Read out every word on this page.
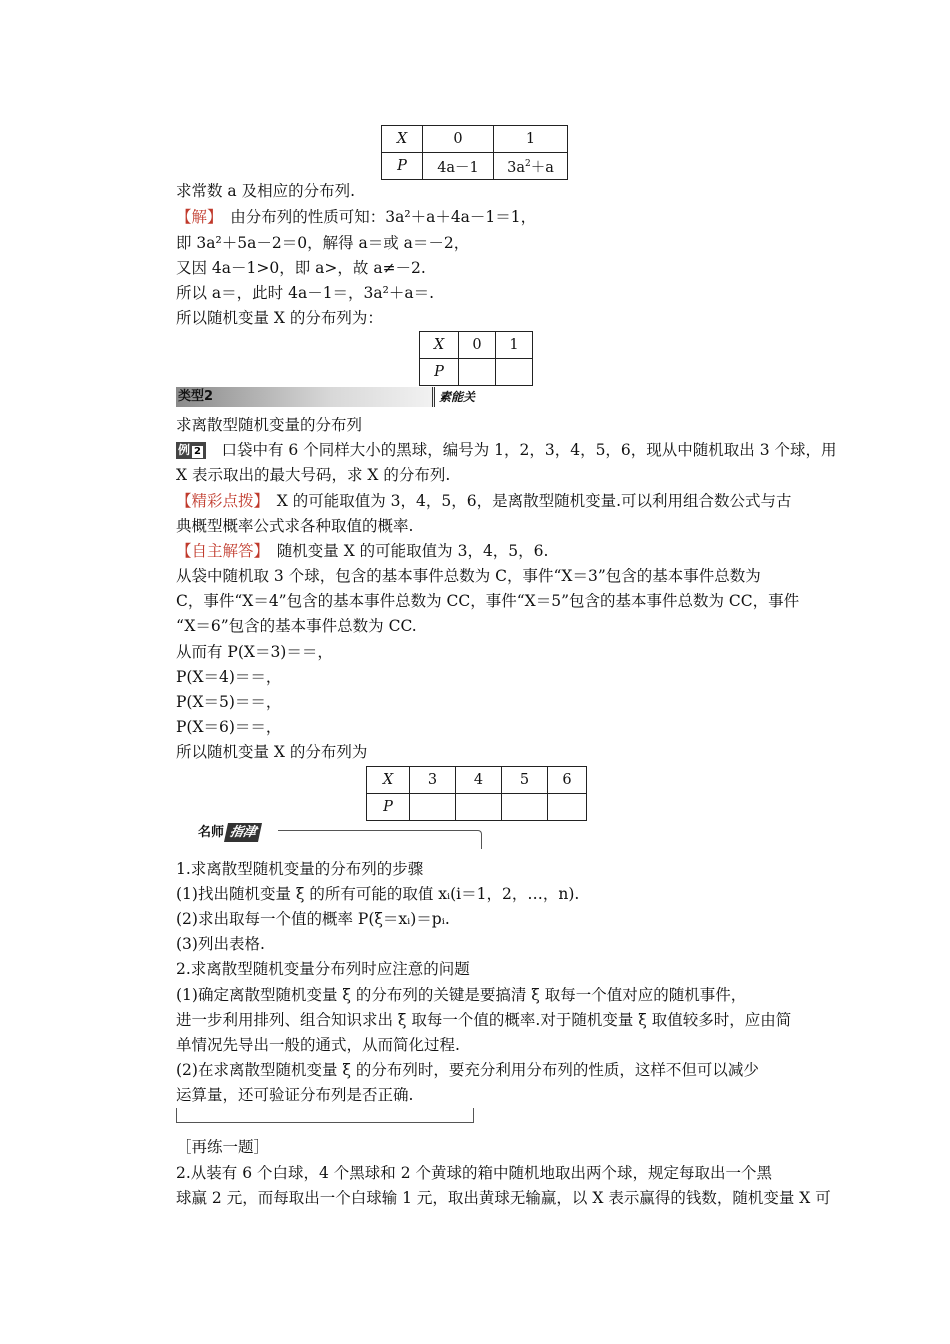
X	0	1
P	4a－1	$3a^2+a$
求常数 a 及相应的分布列.
【解】　由分布列的性质可知：3a²＋a＋4a－1＝1，
即 3a²＋5a－2＝0，解得 a＝或 a＝－2，
又因 4a－1>0，即 a>，故 a≠－2.
所以 a＝，此时 4a－1＝，3a²＋a＝.
所以随机变量 X 的分布列为：
X	0	1
P		
类型2	素能关
求离散型随机变量的分布列
例 2　口袋中有 6 个同样大小的黑球，编号为 1，2，3，4，5，6，现从中随机取出 3 个球，用
X 表示取出的最大号码，求 X 的分布列.
【精彩点拨】　X 的可能取值为 3，4，5，6，是离散型随机变量.可以利用组合数公式与古
典概型概率公式求各种取值的概率.
【自主解答】　随机变量 X 的可能取值为 3，4，5，6.
从袋中随机取 3 个球，包含的基本事件总数为 C，事件“X＝3”包含的基本事件总数为
C，事件“X＝4”包含的基本事件总数为 CC，事件“X＝5”包含的基本事件总数为 CC，事件
“X＝6”包含的基本事件总数为 CC.
从而有 P(X＝3)＝＝，
P(X＝4)＝＝，
P(X＝5)＝＝，
P(X＝6)＝＝，
所以随机变量 X 的分布列为
X	3	4	5	6
P				
名师 指津
1.求离散型随机变量的分布列的步骤
(1)找出随机变量 ξ 的所有可能的取值 xᵢ(i＝1，2，…，n).
(2)求出取每一个值的概率 P(ξ＝xᵢ)＝pᵢ.
(3)列出表格.
2.求离散型随机变量分布列时应注意的问题
(1)确定离散型随机变量 ξ 的分布列的关键是要搞清 ξ 取每一个值对应的随机事件，
进一步利用排列、组合知识求出 ξ 取每一个值的概率.对于随机变量 ξ 取值较多时，应由简
单情况先导出一般的通式，从而简化过程.
(2)在求离散型随机变量 ξ 的分布列时，要充分利用分布列的性质，这样不但可以减少
运算量，还可验证分布列是否正确.
［再练一题］
2.从装有 6 个白球，4 个黑球和 2 个黄球的箱中随机地取出两个球，规定每取出一个黑
球赢 2 元，而每取出一个白球输 1 元，取出黄球无输赢，以 X 表示赢得的钱数，随机变量 X 可
